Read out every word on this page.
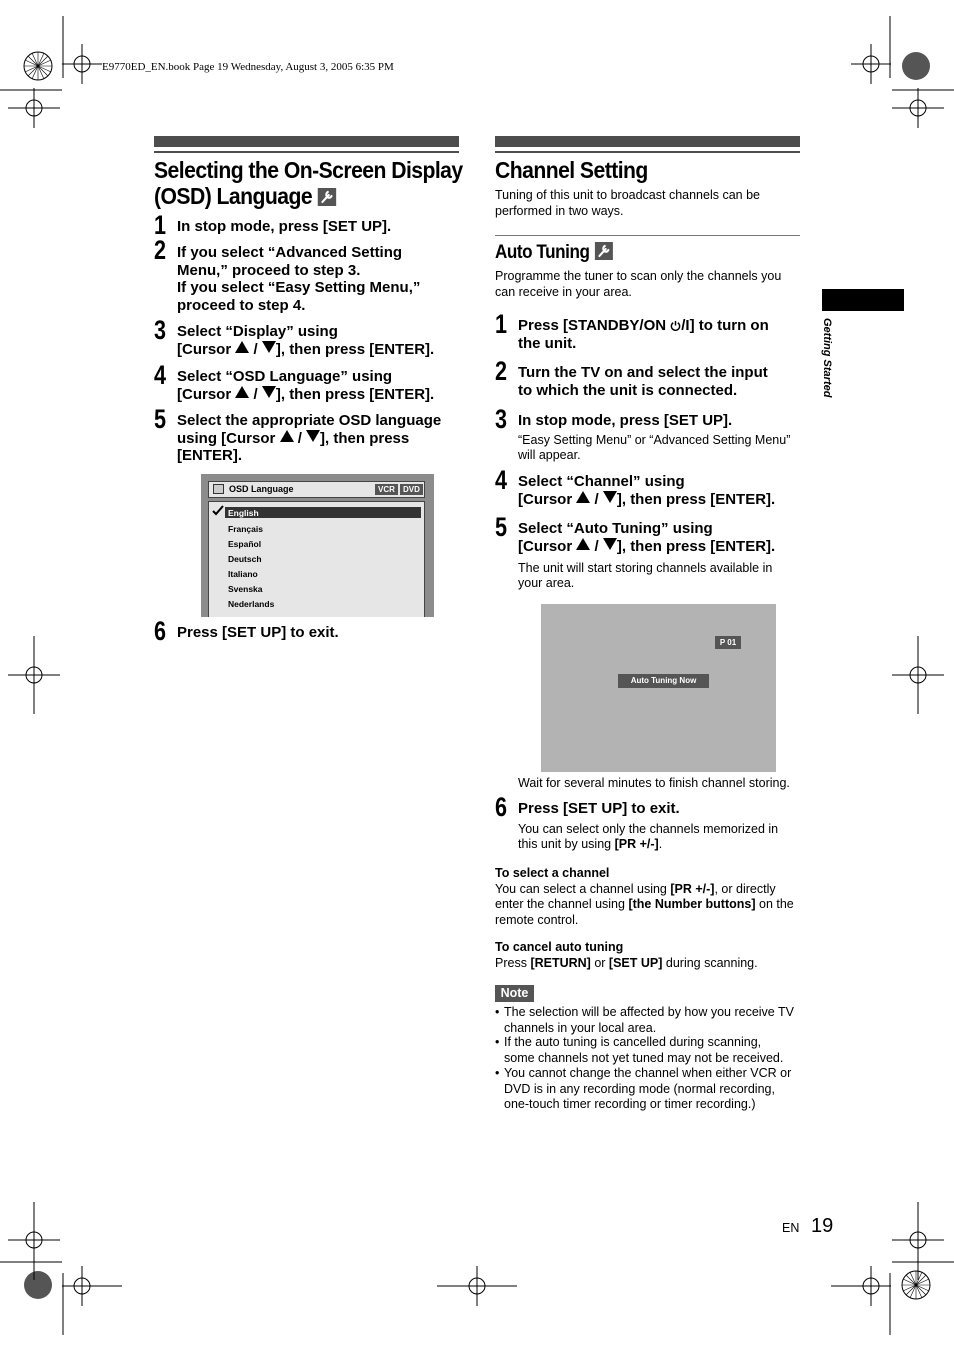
E9770ED_EN.book Page 19 Wednesday, August 3, 2005 6:35 PM
Selecting the On-Screen Display
(OSD) Language
1 In stop mode, press [SET UP].
2 If you select “Advanced Setting
Menu,” proceed to step 3.
If you select “Easy Setting Menu,”
proceed to step 4.
3 Select “Display” using
[Cursor / ], then press [ENTER].
4 Select “OSD Language” using
[Cursor / ], then press [ENTER].
5 Select the appropriate OSD language
using [Cursor / ], then press
[ENTER].
OSD Language	VCR	DVD
English
Français
Español
Deutsch
Italiano
Svenska
Nederlands
6 Press [SET UP] to exit.
Channel Setting
Tuning of this unit to broadcast channels can be
performed in two ways.
Auto Tuning
Programme the tuner to scan only the channels you
can receive in your area.
1 Press [STANDBY/ON /I] to turn on
the unit.
2 Turn the TV on and select the input
to which the unit is connected.
3 In stop mode, press [SET UP].
“Easy Setting Menu” or “Advanced Setting Menu”
will appear.
4 Select “Channel” using
[Cursor / ], then press [ENTER].
5 Select “Auto Tuning” using
[Cursor / ], then press [ENTER].
The unit will start storing channels available in
your area.
P 01
Auto Tuning Now
Wait for several minutes to finish channel storing.
6 Press [SET UP] to exit.
You can select only the channels memorized in
this unit by using [PR +/-].
To select a channel
You can select a channel using [PR +/-], or directly
enter the channel using [the Number buttons] on the
remote control.
To cancel auto tuning
Press [RETURN] or [SET UP] during scanning.
Note
• The selection will be affected by how you receive TV
channels in your local area.
• If the auto tuning is cancelled during scanning,
some channels not yet tuned may not be received.
• You cannot change the channel when either VCR or
DVD is in any recording mode (normal recording,
one-touch timer recording or timer recording.)
Getting Started
EN 19
